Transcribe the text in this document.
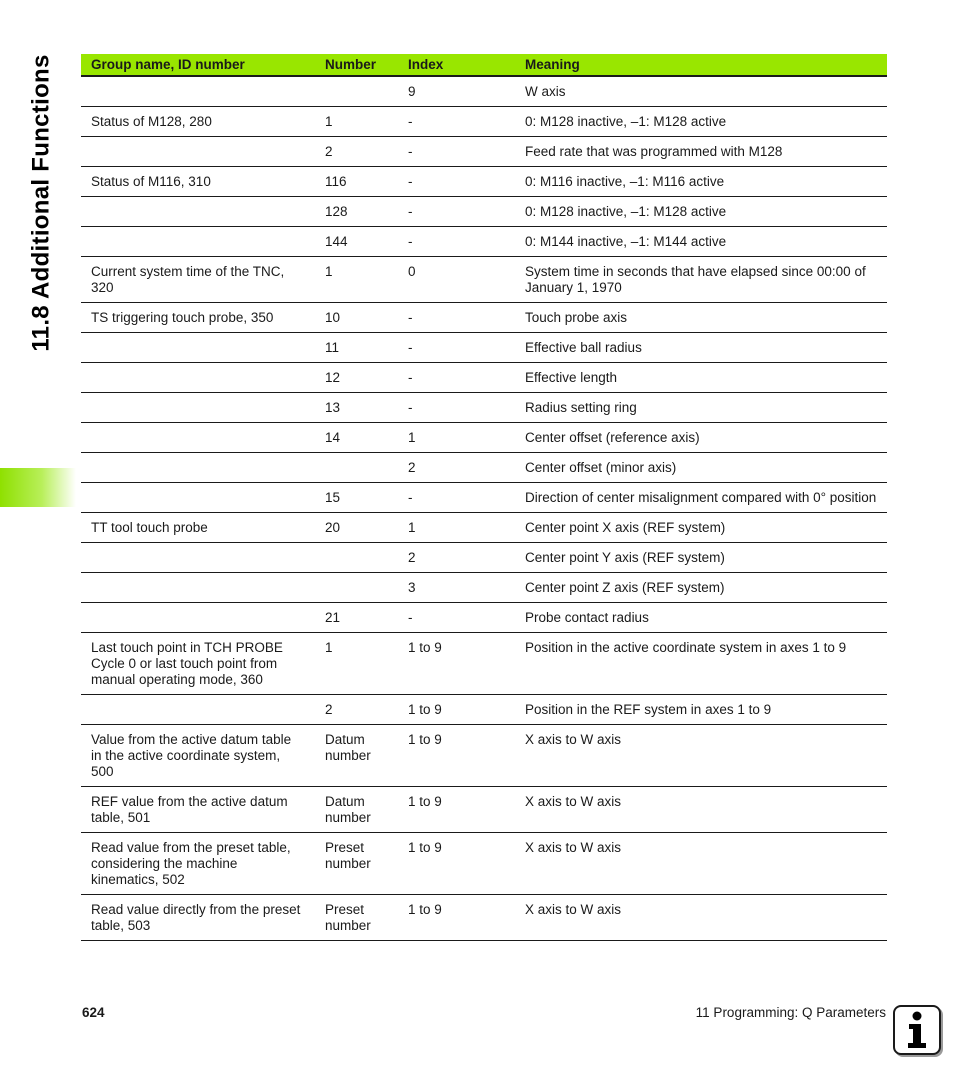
11.8 Additional Functions	Group name, ID number	Number	Index	Meaning
		9	W axis
Status of M128, 280	1	-	0: M128 inactive, –1: M128 active
	2	-	Feed rate that was programmed with M128
Status of M116, 310	116	-	0: M116 inactive, –1: M116 active
	128	-	0: M128 inactive, –1: M128 active
	144	-	0: M144 inactive, –1: M144 active
Current system time of the TNC, 320	1	0	System time in seconds that have elapsed since 00:00 of January 1, 1970
TS triggering touch probe, 350	10	-	Touch probe axis
	11	-	Effective ball radius
	12	-	Effective length
	13	-	Radius setting ring
	14	1	Center offset (reference axis)
		2	Center offset (minor axis)
	15	-	Direction of center misalignment compared with 0° position
TT tool touch probe	20	1	Center point X axis (REF system)
		2	Center point Y axis (REF system)
		3	Center point Z axis (REF system)
	21	-	Probe contact radius
Last touch point in TCH PROBE Cycle 0 or last touch point from manual operating mode, 360	1	1 to 9	Position in the active coordinate system in axes 1 to 9
	2	1 to 9	Position in the REF system in axes 1 to 9
Value from the active datum table in the active coordinate system, 500	Datum number	1 to 9	X axis to W axis
REF value from the active datum table, 501	Datum number	1 to 9	X axis to W axis
Read value from the preset table, considering the machine kinematics, 502	Preset number	1 to 9	X axis to W axis
Read value directly from the preset table, 503	Preset number	1 to 9	X axis to W axis
624	11 Programming: Q Parameters
